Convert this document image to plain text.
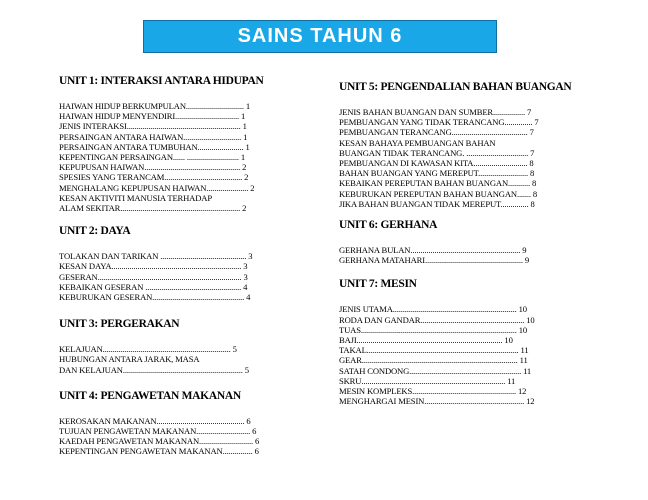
SAINS TAHUN 6
UNIT 1: INTERAKSI ANTARA HIDUPAN
HAIWAN HIDUP BERKUMPULAN............................. 1
HAIWAN HIDUP MENYENDIRI................................ 1
JENIS INTERAKSI......................................................... 1
PERSAINGAN ANTARA HAIWAN............................. 1
PERSAINGAN ANTARA TUMBUHAN....................... 1
KEPENTINGAN PERSAINGAN...... .......................... 1
KEPUPUSAN HAIWAN................................................ 2
SPESIES YANG TERANCAM....................................... 2
MENGHALANG KEPUPUSAN HAIWAN..................... 2
KESAN AKTIVITI MANUSIA TERHADAP
ALAM SEKITAR............................................................ 2
UNIT 2: DAYA
TOLAKAN DAN TARIKAN ........................................... 3
KESAN DAYA................................................................. 3
GESERAN........................................................................ 3
KEBAIKAN GESERAN ................................................ 4
KEBURUKAN GESERAN.............................................. 4
UNIT 3: PERGERAKAN
KELAJUAN................................................................ 5
HUBUNGAN ANTARA JARAK, MASA
DAN KELAJUAN............................................................ 5
UNIT 4: PENGAWETAN MAKANAN
KEROSAKAN MAKANAN............................................ 6
TUJUAN PENGAWETAN MAKANAN........................... 6
KAEDAH PENGAWETAN MAKANAN........................... 6
KEPENTINGAN PENGAWETAN MAKANAN............... 6
UNIT 5: PENGENDALIAN BAHAN BUANGAN
JENIS BAHAN BUANGAN DAN SUMBER................ 7
PEMBUANGAN YANG TIDAK TERANCANG.............. 7
PEMBUANGAN TERANCANG...................................... 7
KESAN BAHAYA PEMBUANGAN BAHAN
BUANGAN TIDAK TERANCANG. ............................... 7
PEMBUANGAN DI KAWASAN KITA........................... 8
BAHAN BUANGAN YANG MEREPUT......................... 8
KEBAIKAN PEREPUTAN BAHAN BUANGAN........... 8
KEBURUKAN PEREPUTAN BAHAN BUANGAN....... 8
JIKA BAHAN BUANGAN TIDAK MEREPUT.............. 8
UNIT 6: GERHANA
GERHANA BULAN....................................................... 9
GERHANA MATAHARI................................................. 9
UNIT 7: MESIN
JENIS UTAMA.............................................................. 10
RODA DAN GANDAR.................................................... 10
TUAS.............................................................................. 10
BAJI......................................................................... 10
TAKAL............................................................................ 11
GEAR.............................................................................. 11
SATAH CONDONG........................................................ 11
SKRU........................................................................ 11
MESIN KOMPLEKS.................................................... 12
MENGHARGAI MESIN.................................................. 12
